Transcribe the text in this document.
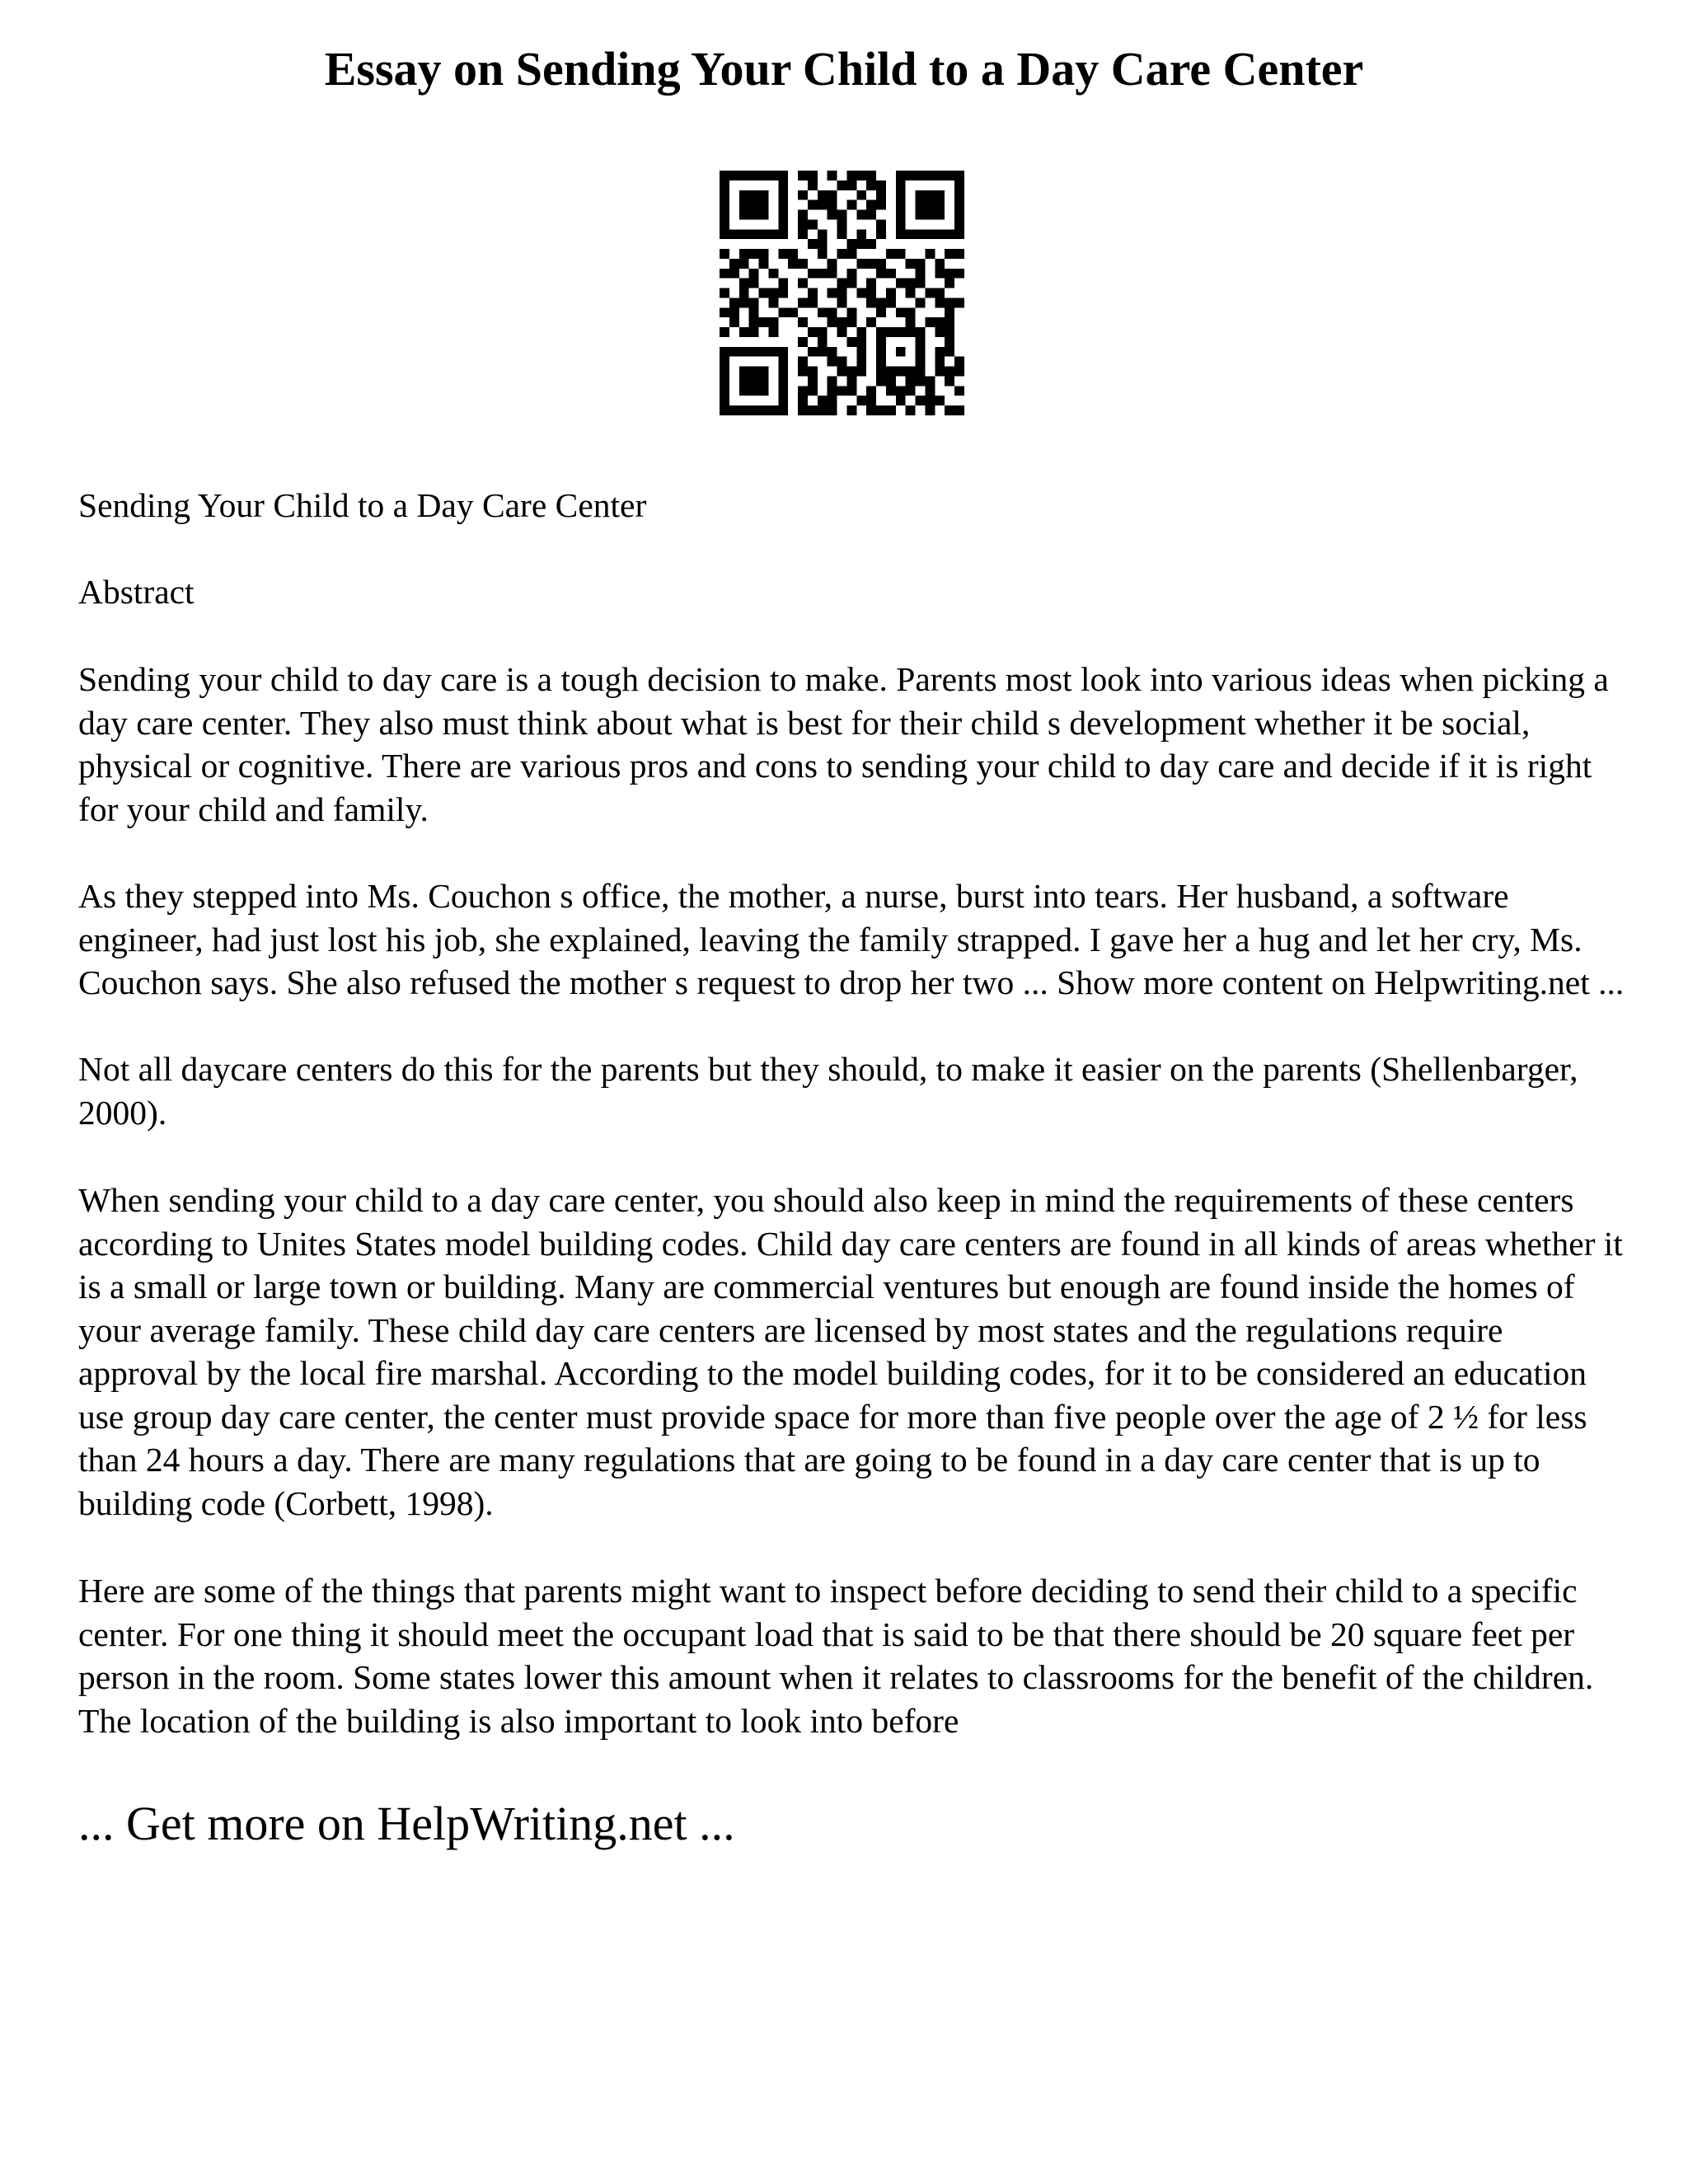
Essay on Sending Your Child to a Day Care Center

Sending Your Child to a Day Care Center

Abstract

Sending your child to day care is a tough decision to make. Parents most look into various ideas when picking a day care center. They also must think about what is best for their child s development whether it be social, physical or cognitive. There are various pros and cons to sending your child to day care and decide if it is right for your child and family.

As they stepped into Ms. Couchon s office, the mother, a nurse, burst into tears. Her husband, a software engineer, had just lost his job, she explained, leaving the family strapped. I gave her a hug and let her cry, Ms. Couchon says. She also refused the mother s request to drop her two ... Show more content on Helpwriting.net ...

Not all daycare centers do this for the parents but they should, to make it easier on the parents (Shellenbarger, 2000).

When sending your child to a day care center, you should also keep in mind the requirements of these centers according to Unites States model building codes. Child day care centers are found in all kinds of areas whether it is a small or large town or building. Many are commercial ventures but enough are found inside the homes of your average family. These child day care centers are licensed by most states and the regulations require approval by the local fire marshal. According to the model building codes, for it to be considered an education use group day care center, the center must provide space for more than five people over the age of 2 ½ for less than 24 hours a day. There are many regulations that are going to be found in a day care center that is up to building code (Corbett, 1998).

Here are some of the things that parents might want to inspect before deciding to send their child to a specific center. For one thing it should meet the occupant load that is said to be that there should be 20 square feet per person in the room. Some states lower this amount when it relates to classrooms for the benefit of the children. The location of the building is also important to look into before

... Get more on HelpWriting.net ...
